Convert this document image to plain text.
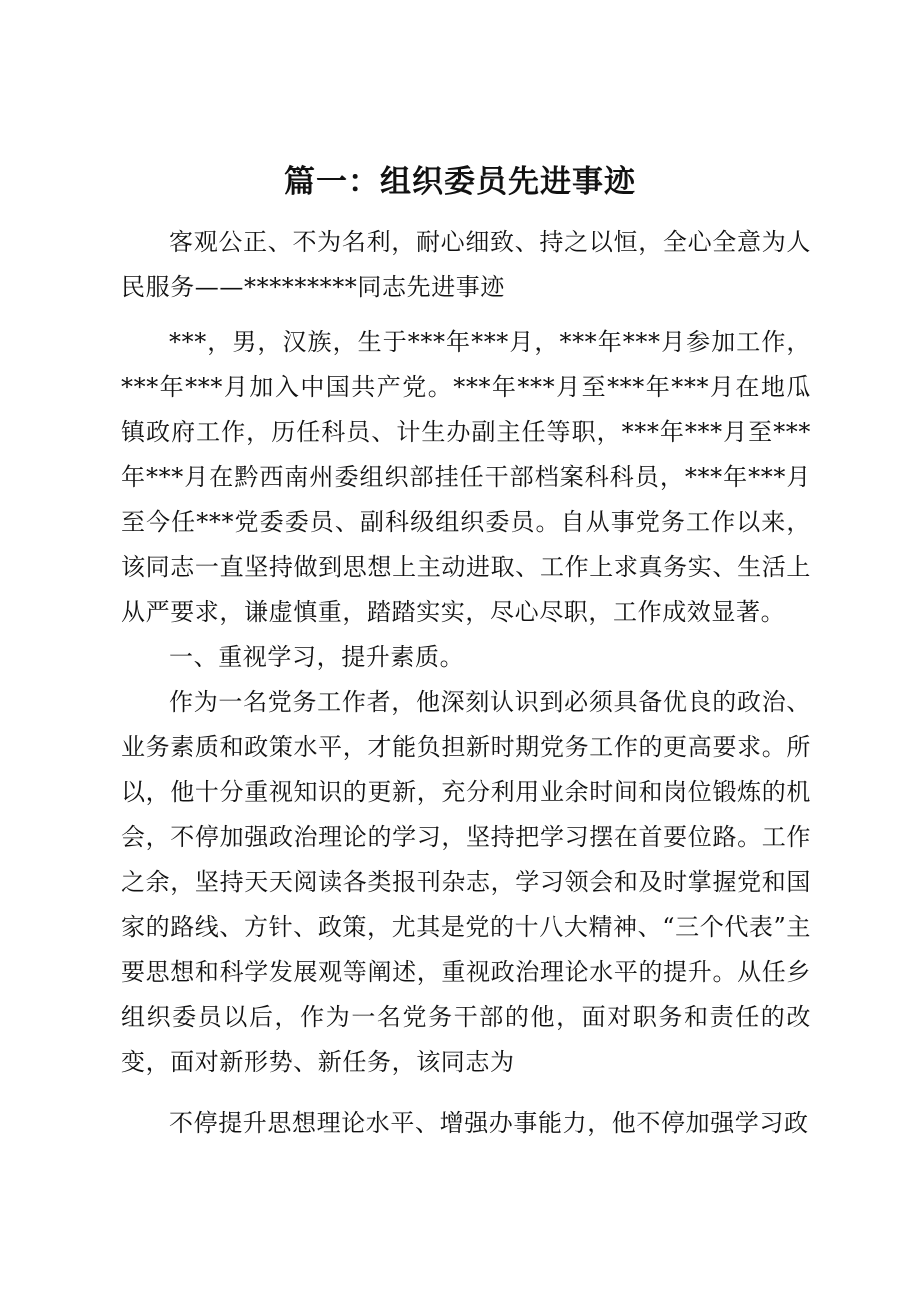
篇一：组织委员先进事迹

客观公正、不为名利，耐心细致、持之以恒，全心全意为人民服务——*********同志先进事迹

***，男，汉族，生于***年***月，***年***月参加工作，***年***月加入中国共产党。***年***月至***年***月在地瓜镇政府工作，历任科员、计生办副主任等职，***年***月至***年***月在黔西南州委组织部挂任干部档案科科员，***年***月至今任***党委委员、副科级组织委员。自从事党务工作以来，该同志一直坚持做到思想上主动进取、工作上求真务实、生活上从严要求，谦虚慎重，踏踏实实，尽心尽职，工作成效显著。

一、重视学习，提升素质。

作为一名党务工作者，他深刻认识到必须具备优良的政治、业务素质和政策水平，才能负担新时期党务工作的更高要求。所以，他十分重视知识的更新，充分利用业余时间和岗位锻炼的机会，不停加强政治理论的学习，坚持把学习摆在首要位路。工作之余，坚持天天阅读各类报刊杂志，学习领会和及时掌握党和国家的路线、方针、政策，尤其是党的十八大精神、“三个代表”主要思想和科学发展观等阐述，重视政治理论水平的提升。从任乡组织委员以后，作为一名党务干部的他，面对职务和责任的改变，面对新形势、新任务，该同志为

不停提升思想理论水平、增强办事能力，他不停加强学习政
